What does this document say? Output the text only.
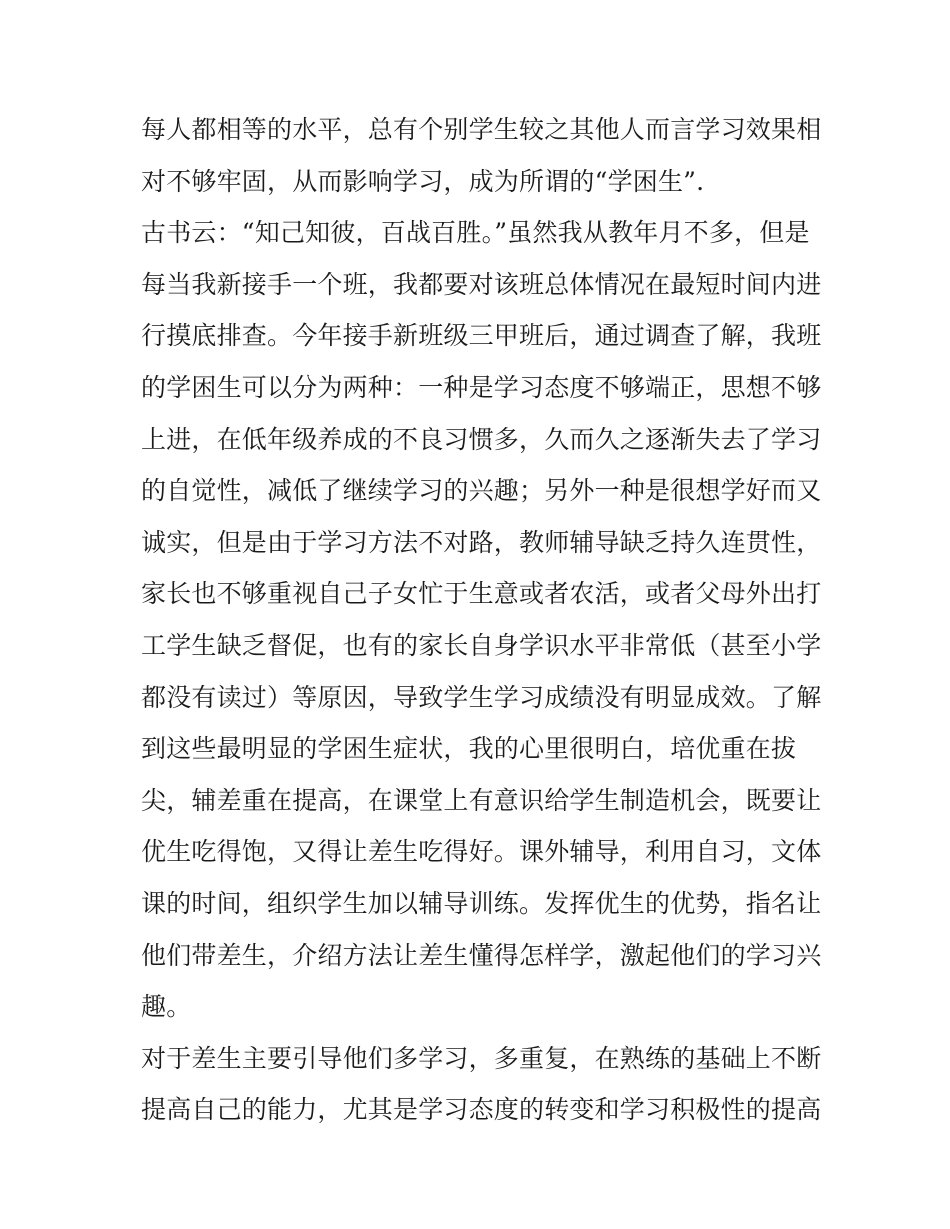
每人都相等的水平，总有个别学生较之其他人而言学习效果相
对不够牢固，从而影响学习，成为所谓的“学困生”.
古书云：“知己知彼，百战百胜。”虽然我从教年月不多，但是
每当我新接手一个班，我都要对该班总体情况在最短时间内进
行摸底排查。今年接手新班级三甲班后，通过调查了解，我班
的学困生可以分为两种：一种是学习态度不够端正，思想不够
上进，在低年级养成的不良习惯多，久而久之逐渐失去了学习
的自觉性，减低了继续学习的兴趣；另外一种是很想学好而又
诚实，但是由于学习方法不对路，教师辅导缺乏持久连贯性，
家长也不够重视自己子女忙于生意或者农活，或者父母外出打
工学生缺乏督促，也有的家长自身学识水平非常低（甚至小学
都没有读过）等原因，导致学生学习成绩没有明显成效。了解
到这些最明显的学困生症状，我的心里很明白，培优重在拔
尖，辅差重在提高，在课堂上有意识给学生制造机会，既要让
优生吃得饱，又得让差生吃得好。课外辅导，利用自习，文体
课的时间，组织学生加以辅导训练。发挥优生的优势，指名让
他们带差生，介绍方法让差生懂得怎样学，激起他们的学习兴
趣。
对于差生主要引导他们多学习，多重复，在熟练的基础上不断
提高自己的能力，尤其是学习态度的转变和学习积极性的提高
